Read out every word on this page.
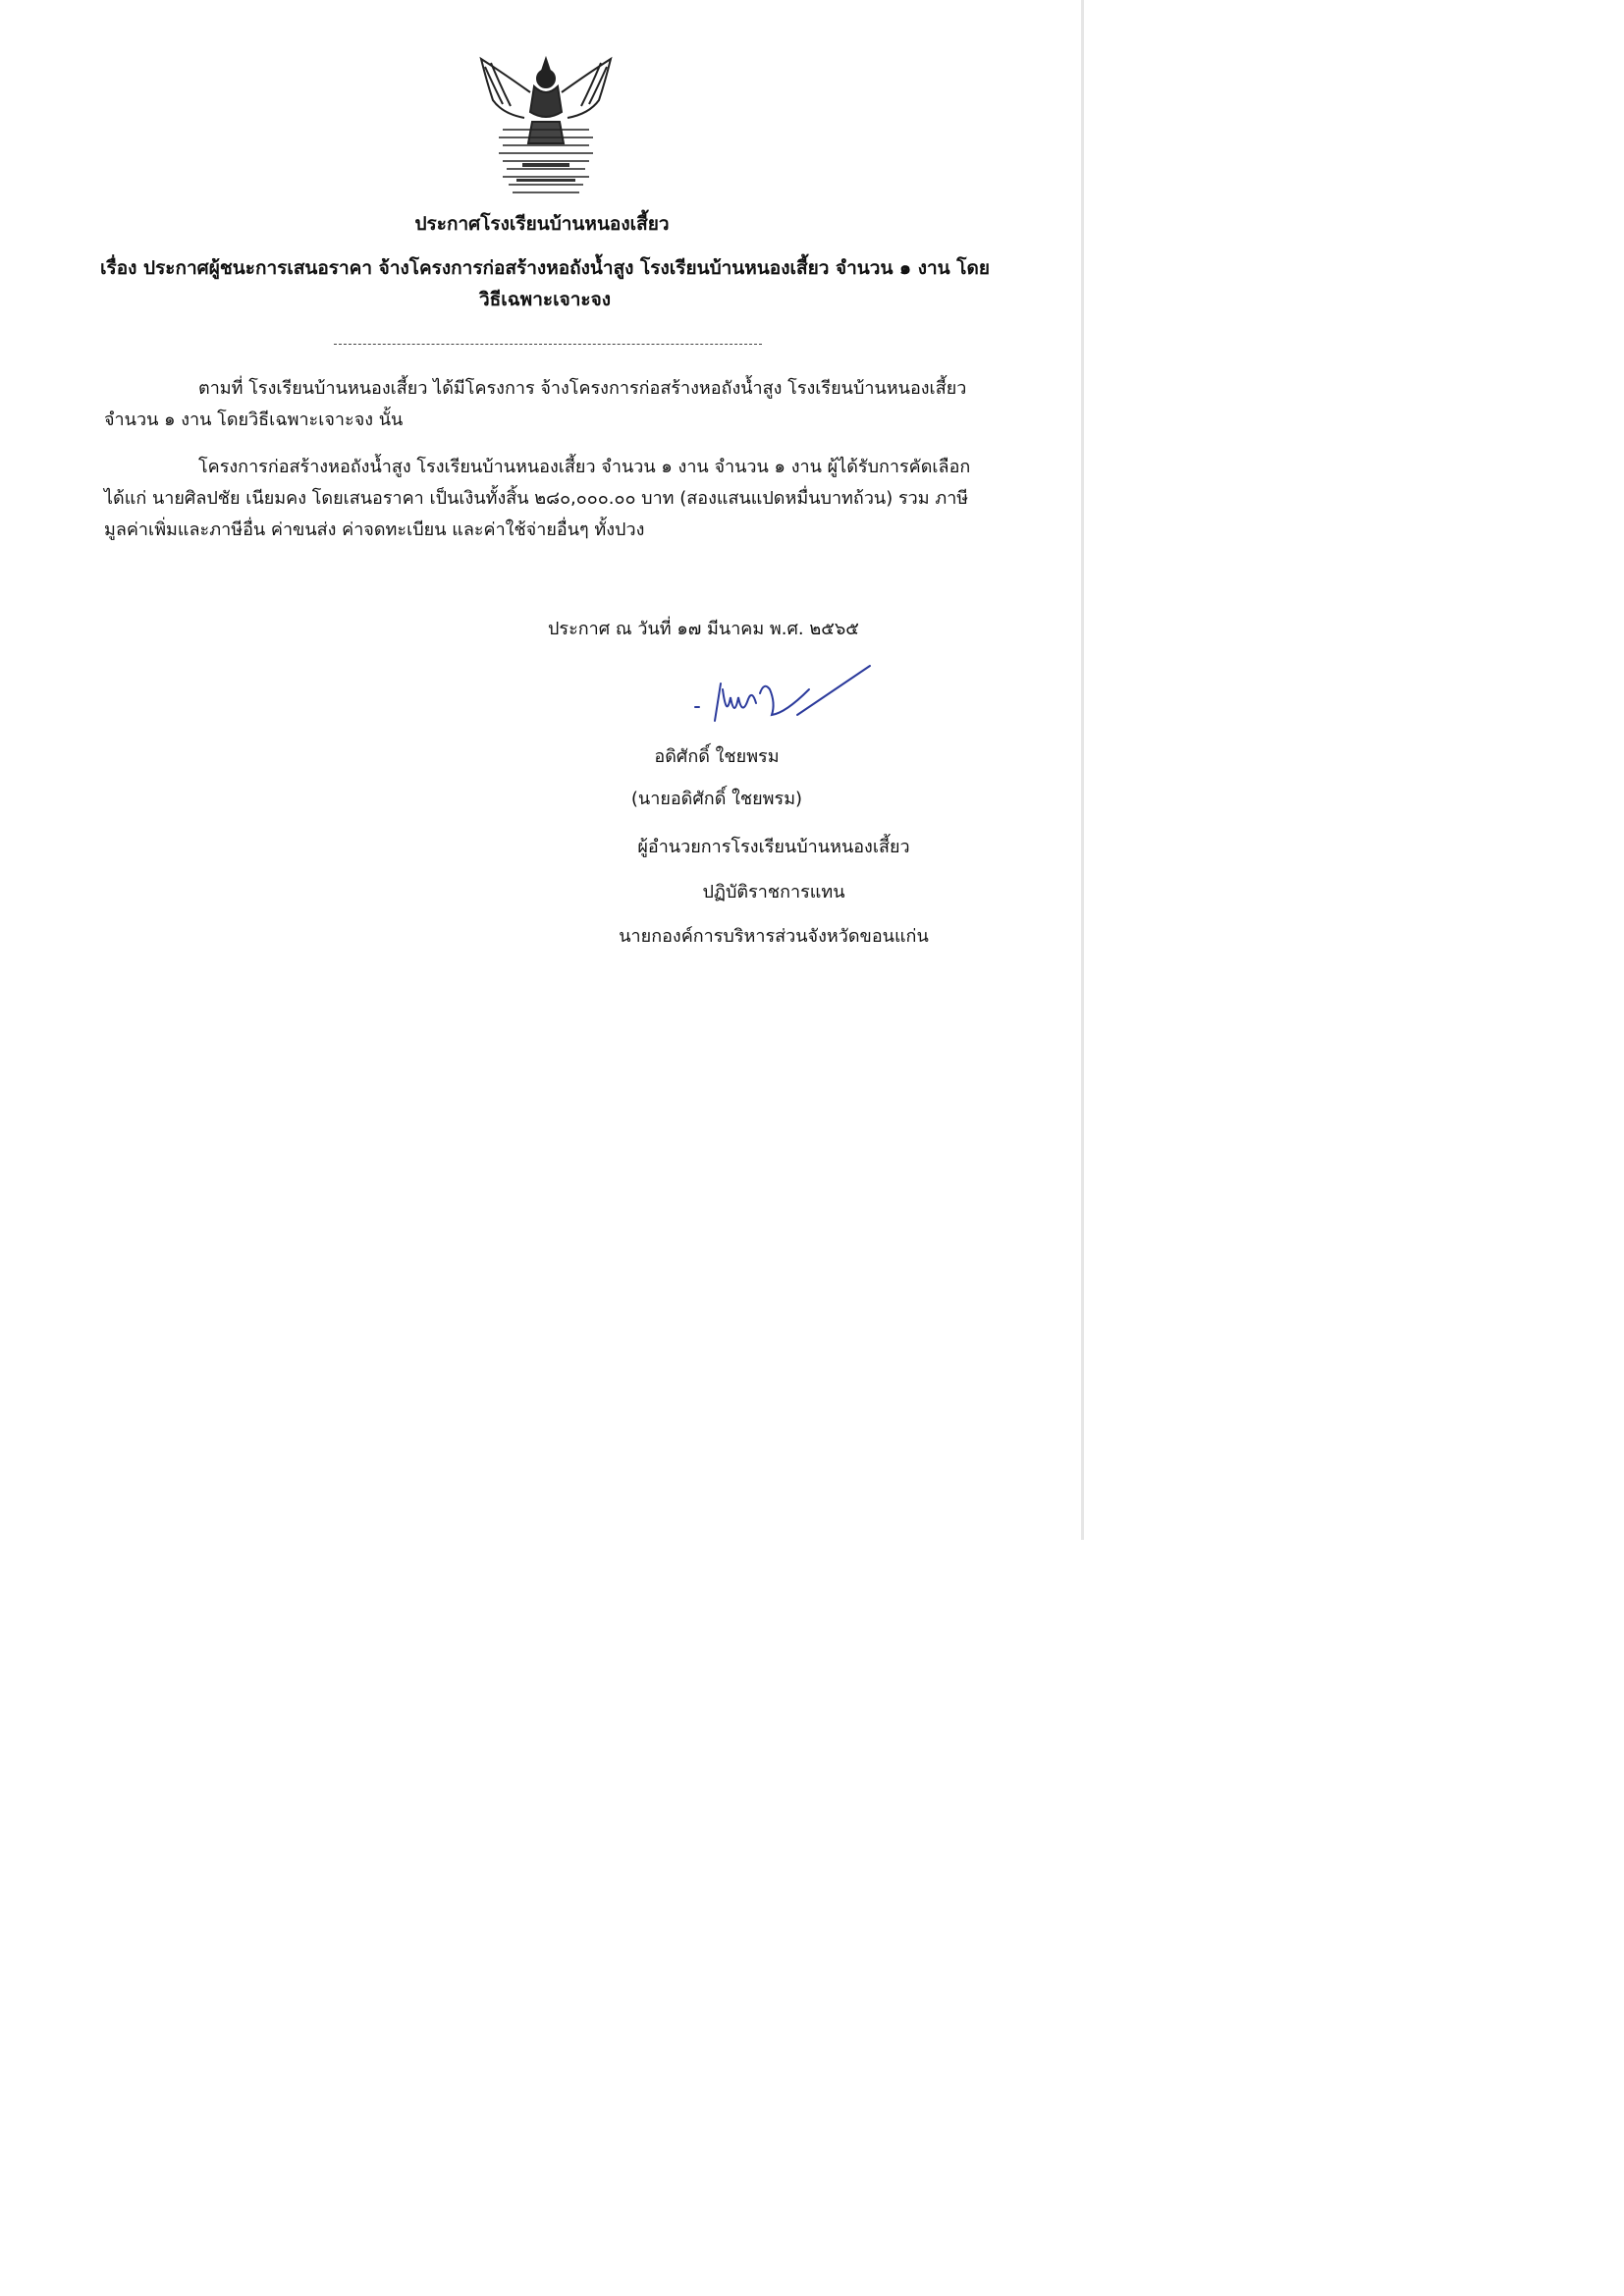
ประกาศโรงเรียนบ้านหนองเสี้ยว
เรื่อง ประกาศผู้ชนะการเสนอราคา จ้างโครงการก่อสร้างหอถังน้ำสูง โรงเรียนบ้านหนองเสี้ยว จำนวน ๑ งาน โดย วิธีเฉพาะเจาะจง
ตามที่ โรงเรียนบ้านหนองเสี้ยว ได้มีโครงการ จ้างโครงการก่อสร้างหอถังน้ำสูง โรงเรียนบ้านหนองเสี้ยว จำนวน ๑ งาน โดยวิธีเฉพาะเจาะจง นั้น
โครงการก่อสร้างหอถังน้ำสูง โรงเรียนบ้านหนองเสี้ยว จำนวน ๑ งาน จำนวน ๑ งาน ผู้ได้รับการคัดเลือก ได้แก่ นายศิลปชัย เนียมคง โดยเสนอราคา เป็นเงินทั้งสิ้น ๒๘๐,๐๐๐.๐๐ บาท (สองแสนแปดหมื่นบาทถ้วน) รวม ภาษีมูลค่าเพิ่มและภาษีอื่น ค่าขนส่ง ค่าจดทะเบียน และค่าใช้จ่ายอื่นๆ ทั้งปวง
ประกาศ ณ วันที่ ๑๗ มีนาคม พ.ศ. ๒๕๖๕
อดิศักดิ์ ใชยพรม
(นายอดิศักดิ์ ใชยพรม)
ผู้อำนวยการโรงเรียนบ้านหนองเสี้ยว
ปฏิบัติราชการแทน
นายกองค์การบริหารส่วนจังหวัดขอนแก่น
